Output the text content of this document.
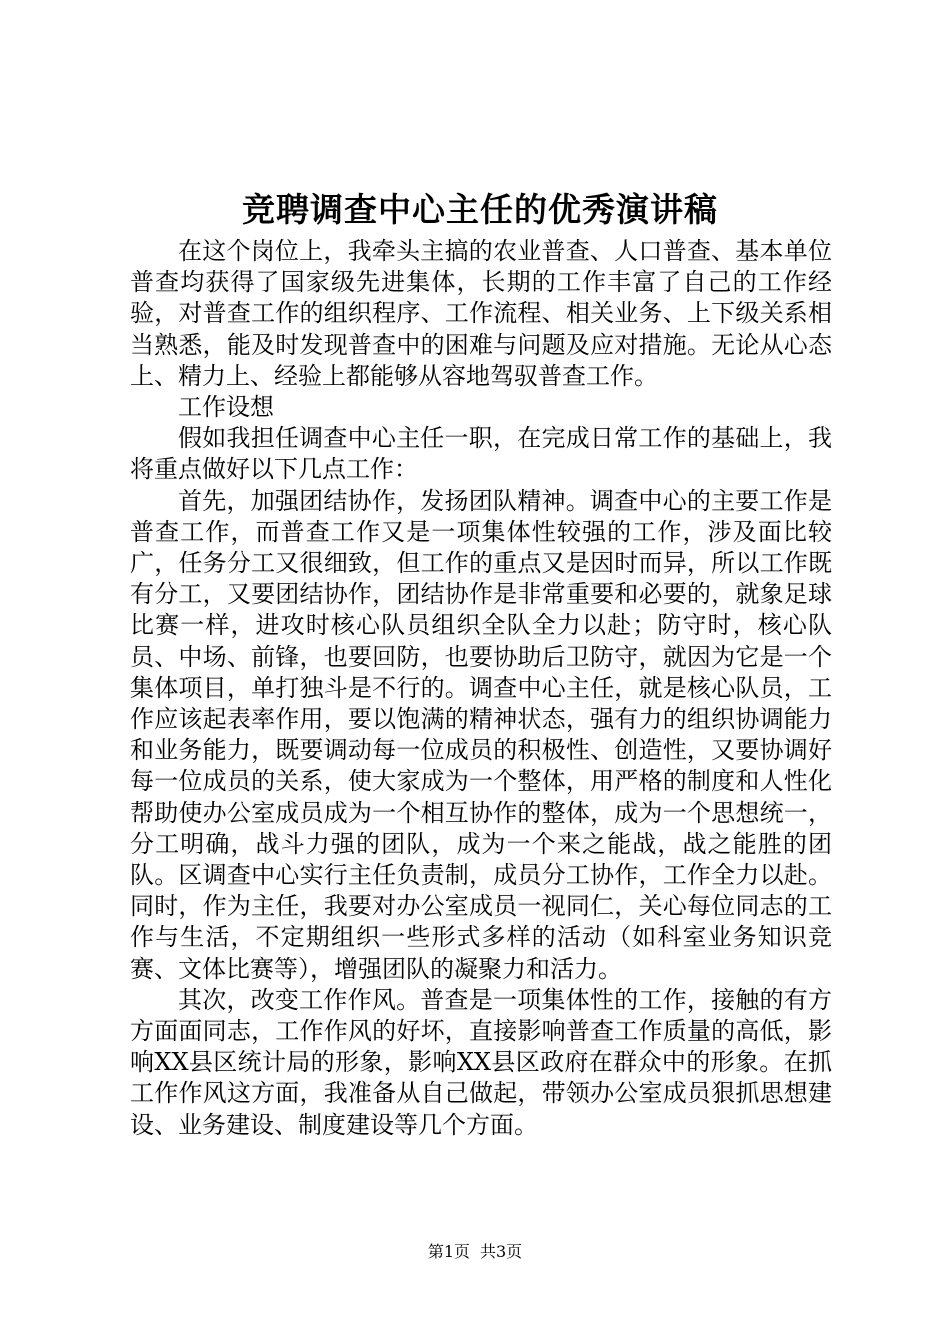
竞聘调查中心主任的优秀演讲稿

在这个岗位上，我牵头主搞的农业普查、人口普查、基本单位普查均获得了国家级先进集体，长期的工作丰富了自己的工作经验，对普查工作的组织程序、工作流程、相关业务、上下级关系相当熟悉，能及时发现普查中的困难与问题及应对措施。无论从心态上、精力上、经验上都能够从容地驾驭普查工作。

工作设想

假如我担任调查中心主任一职，在完成日常工作的基础上，我将重点做好以下几点工作：

首先，加强团结协作，发扬团队精神。调查中心的主要工作是普查工作，而普查工作又是一项集体性较强的工作，涉及面比较广，任务分工又很细致，但工作的重点又是因时而异，所以工作既有分工，又要团结协作，团结协作是非常重要和必要的，就象足球比赛一样，进攻时核心队员组织全队全力以赴；防守时，核心队员、中场、前锋，也要回防，也要协助后卫防守，就因为它是一个集体项目，单打独斗是不行的。调查中心主任，就是核心队员，工作应该起表率作用，要以饱满的精神状态，强有力的组织协调能力和业务能力，既要调动每一位成员的积极性、创造性，又要协调好每一位成员的关系，使大家成为一个整体，用严格的制度和人性化帮助使办公室成员成为一个相互协作的整体，成为一个思想统一，分工明确，战斗力强的团队，成为一个来之能战，战之能胜的团队。区调查中心实行主任负责制，成员分工协作，工作全力以赴。同时，作为主任，我要对办公室成员一视同仁，关心每位同志的工作与生活，不定期组织一些形式多样的活动（如科室业务知识竞赛、文体比赛等），增强团队的凝聚力和活力。

其次，改变工作作风。普查是一项集体性的工作，接触的有方方面面同志，工作作风的好坏，直接影响普查工作质量的高低，影响XX县区统计局的形象，影响XX县区政府在群众中的形象。在抓工作作风这方面，我准备从自己做起，带领办公室成员狠抓思想建设、业务建设、制度建设等几个方面。

第1页 共3页
